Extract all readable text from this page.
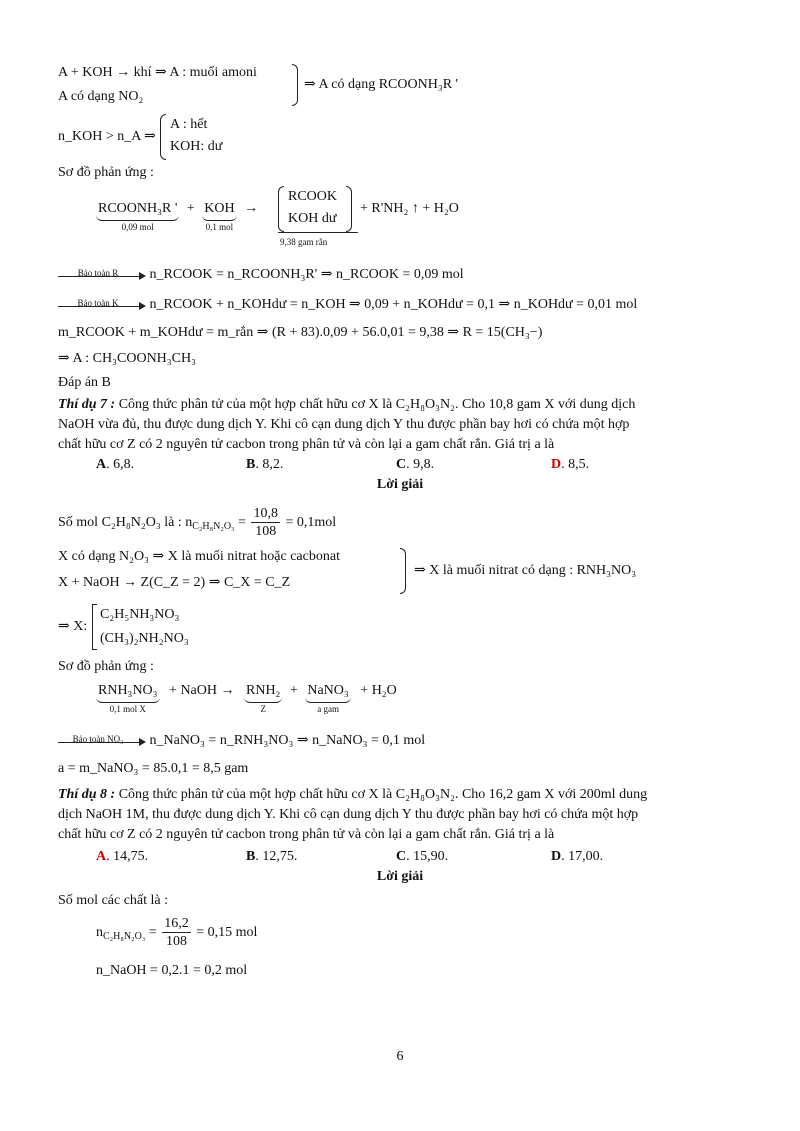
A + KOH → khí ⇒ A : muối amoni
A có dạng NO₂
⇒ A có dạng RCOONH₃R '
n_KOH > n_A ⇒
A : hết
KOH: dư
Sơ đồ phản ứng :
RCOONH₃R '
0,09 mol
+ KOH
0,1 mol
→
RCOOK
KOH dư
9,38 gam rắn
+ R'NH₂ ↑ + H₂O
Bảo toàn R	n_RCOOK = n_RCOONH₃R' ⇒ n_RCOOK = 0,09 mol
Bảo toàn K	n_RCOOK + n_KOHdư = n_KOH ⇒ 0,09 + n_KOHdư = 0,1 ⇒ n_KOHdư = 0,01 mol
m_RCOOK + m_KOHdư = m_rắn ⇒ (R + 83).0,09 + 56.0,01 = 9,38 ⇒ R = 15(CH₃−)
⇒ A : CH₃COONH₃CH₃
Đáp án B
Thí dụ 7 : Công thức phân tử của một hợp chất hữu cơ X là C₂H₈O₃N₂. Cho 10,8 gam X với dung dịch
NaOH vừa đủ, thu được dung dịch Y. Khi cô cạn dung dịch Y thu được phần bay hơi có chứa một hợp
chất hữu cơ Z có 2 nguyên tử cacbon trong phân tử và còn lại a gam chất rắn. Giá trị a là
A. 6,8.	B. 8,2.	C. 9,8.	D. 8,5.
Lời giải
Số mol C₂H₈N₂O₃ là : $n_{C_2H_8N_2O_3} = \frac{10,8}{108} = 0,1mol$
X có dạng N₂O₃ ⇒ X là muối nitrat hoặc cacbonat
X + NaOH → Z(C_Z = 2) ⇒ C_X = C_Z
⇒ X là muối nitrat có dạng : RNH₃NO₃
⇒ X:
C₂H₅NH₃NO₃
(CH₃)₂NH₂NO₃
Sơ đồ phản ứng :
RNH₃NO₃
0,1 mol X
+ NaOH → RNH₂
Z
+ NaNO₃
a gam
+ H₂O
Bảo toàn NO₃	n_NaNO₃ = n_RNH₃NO₃ ⇒ n_NaNO₃ = 0,1 mol
a = m_NaNO₃ = 85.0,1 = 8,5 gam
Thí dụ 8 : Công thức phân tử của một hợp chất hữu cơ X là C₂H₈O₃N₂. Cho 16,2 gam X với 200ml dung
dịch NaOH 1M, thu được dung dịch Y. Khi cô cạn dung dịch Y thu được phần bay hơi có chứa một hợp
chất hữu cơ Z có 2 nguyên tử cacbon trong phân tử và còn lại a gam chất rắn. Giá trị a là
A. 14,75.	B. 12,75.	C. 15,90.	D. 17,00.
Lời giải
Số mol các chất là :
$n_{C_2H_8N_2O_3} = \frac{16,2}{108} = 0,15$ mol
n_NaOH = 0,2.1 = 0,2 mol
6
